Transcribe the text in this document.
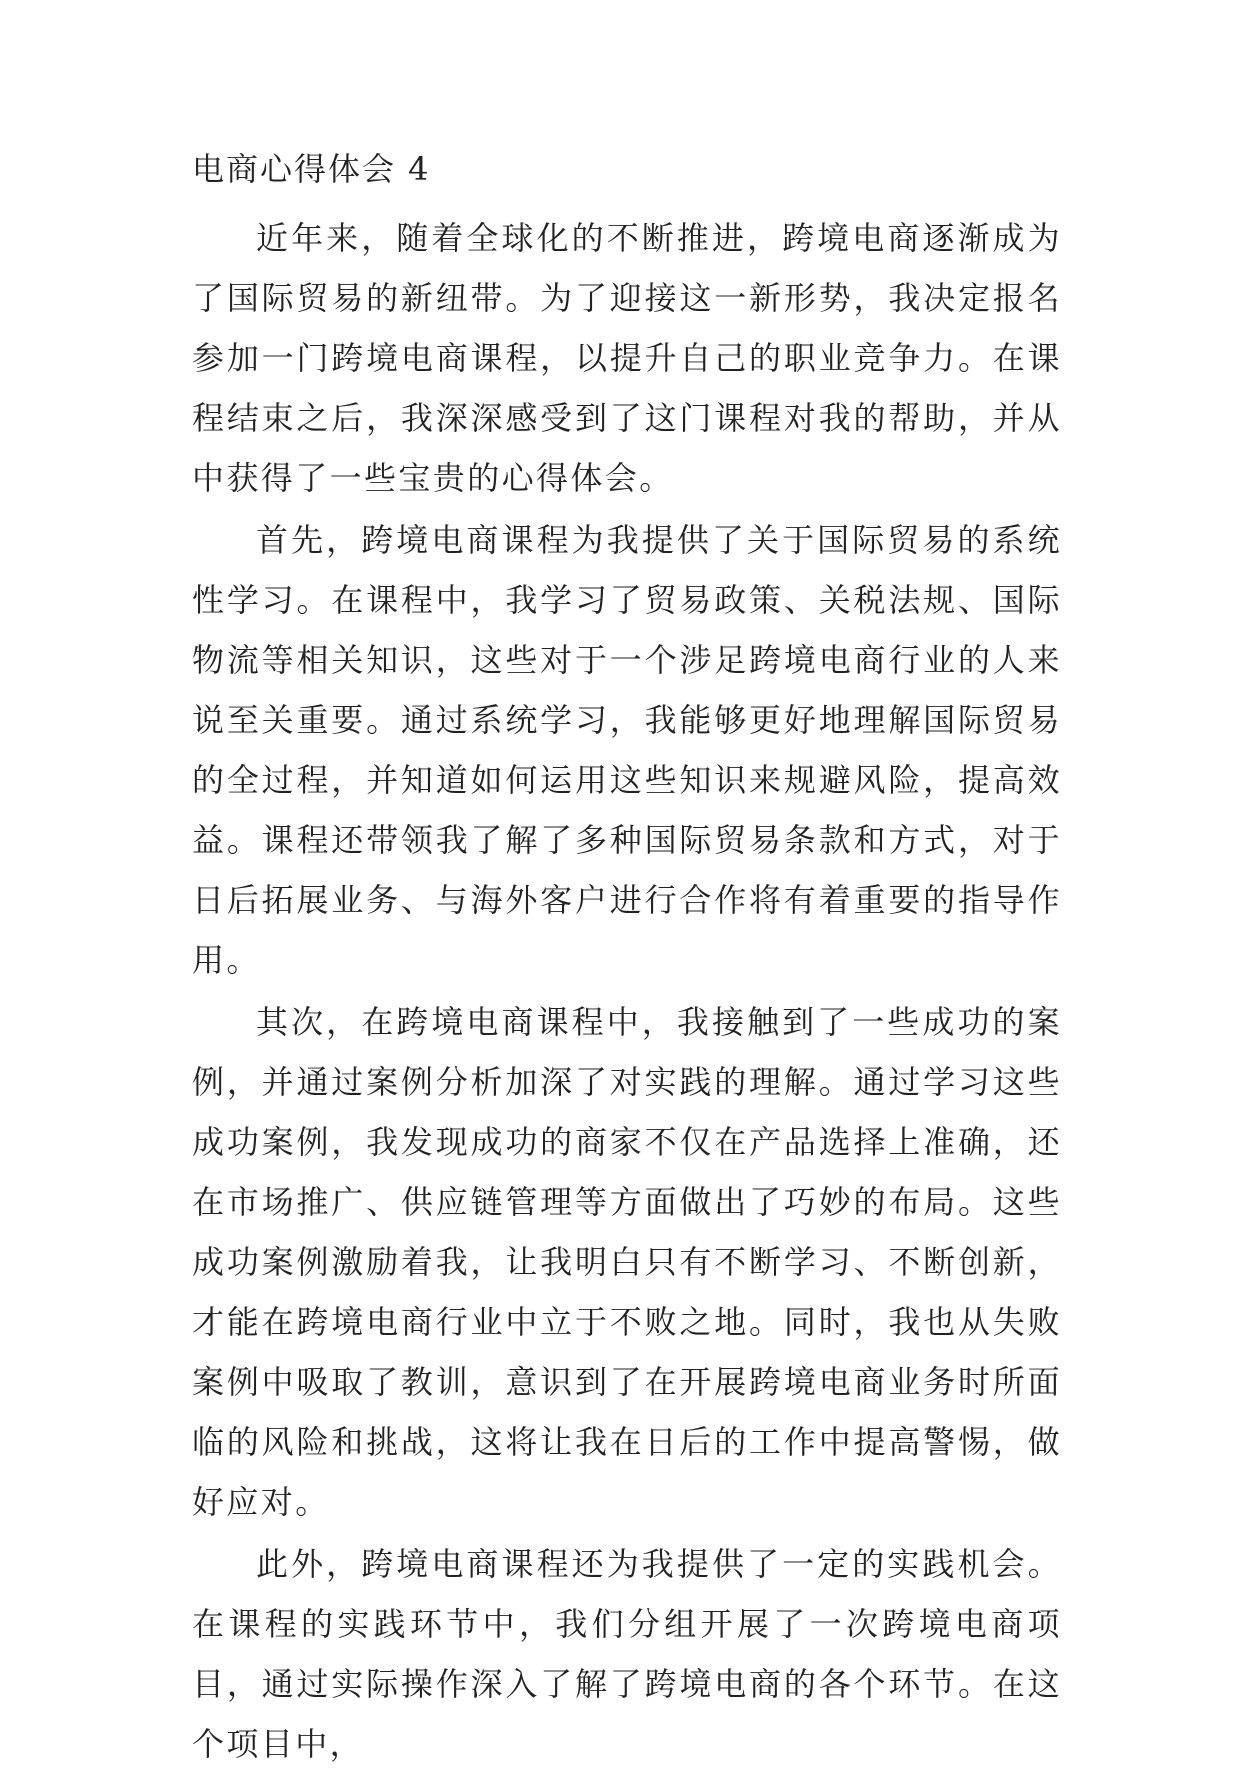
电商心得体会 4

近年来，随着全球化的不断推进，跨境电商逐渐成为了国际贸易的新纽带。为了迎接这一新形势，我决定报名参加一门跨境电商课程，以提升自己的职业竞争力。在课程结束之后，我深深感受到了这门课程对我的帮助，并从中获得了一些宝贵的心得体会。

首先，跨境电商课程为我提供了关于国际贸易的系统性学习。在课程中，我学习了贸易政策、关税法规、国际物流等相关知识，这些对于一个涉足跨境电商行业的人来说至关重要。通过系统学习，我能够更好地理解国际贸易的全过程，并知道如何运用这些知识来规避风险，提高效益。课程还带领我了解了多种国际贸易条款和方式，对于日后拓展业务、与海外客户进行合作将有着重要的指导作用。

其次，在跨境电商课程中，我接触到了一些成功的案例，并通过案例分析加深了对实践的理解。通过学习这些成功案例，我发现成功的商家不仅在产品选择上准确，还在市场推广、供应链管理等方面做出了巧妙的布局。这些成功案例激励着我，让我明白只有不断学习、不断创新，才能在跨境电商行业中立于不败之地。同时，我也从失败案例中吸取了教训，意识到了在开展跨境电商业务时所面临的风险和挑战，这将让我在日后的工作中提高警惕，做好应对。

此外，跨境电商课程还为我提供了一定的实践机会。在课程的实践环节中，我们分组开展了一次跨境电商项目，通过实际操作深入了解了跨境电商的各个环节。在这个项目中，
